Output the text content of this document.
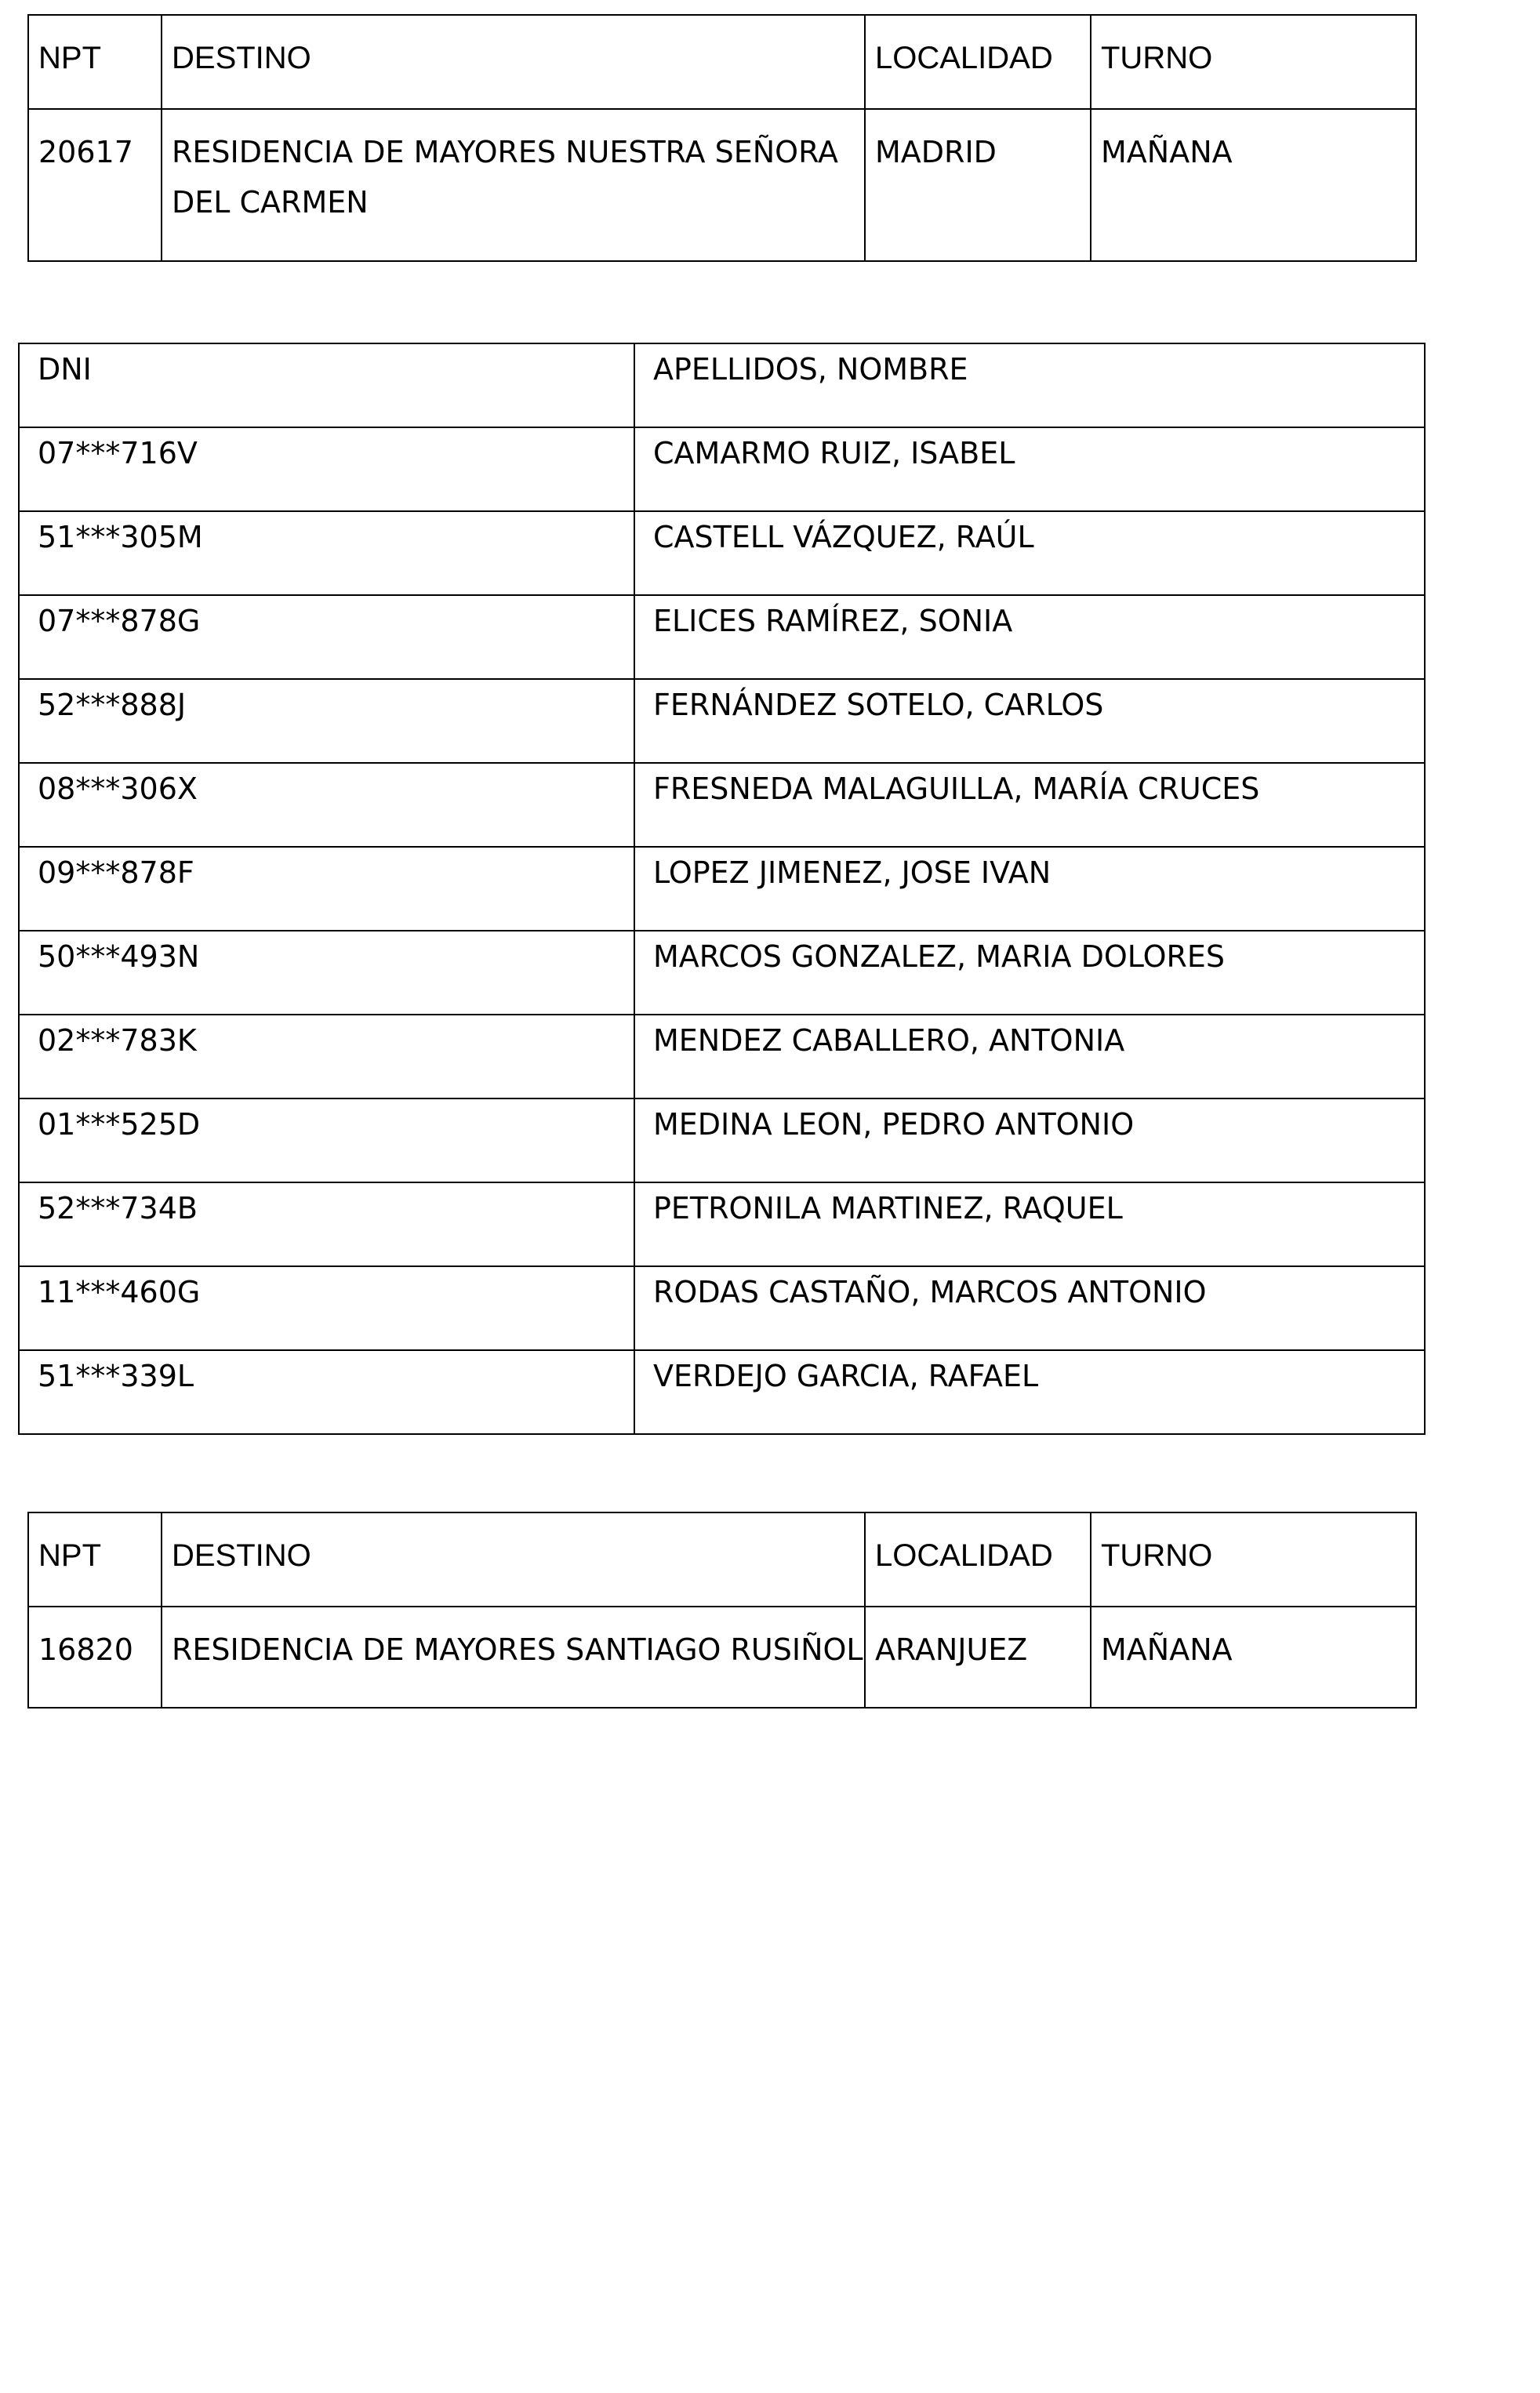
NPT	DESTINO	LOCALIDAD	TURNO

20617	RESIDENCIA DE MAYORES NUESTRA SEÑORA DEL CARMEN	MADRID	MAÑANA
DNI	APELLIDOS, NOMBRE

07***716V	CAMARMO RUIZ, ISABEL

51***305M	CASTELL VÁZQUEZ, RAÚL

07***878G	ELICES RAMÍREZ, SONIA

52***888J	FERNÁNDEZ SOTELO, CARLOS

08***306X	FRESNEDA MALAGUILLA, MARÍA CRUCES

09***878F	LOPEZ JIMENEZ, JOSE IVAN

50***493N	MARCOS GONZALEZ, MARIA DOLORES

02***783K	MENDEZ CABALLERO, ANTONIA

01***525D	MEDINA LEON, PEDRO ANTONIO

52***734B	PETRONILA MARTINEZ, RAQUEL

11***460G	RODAS CASTAÑO, MARCOS ANTONIO

51***339L	VERDEJO GARCIA, RAFAEL
NPT	DESTINO	LOCALIDAD	TURNO

16820	RESIDENCIA DE MAYORES SANTIAGO RUSIÑOL	ARANJUEZ	MAÑANA
